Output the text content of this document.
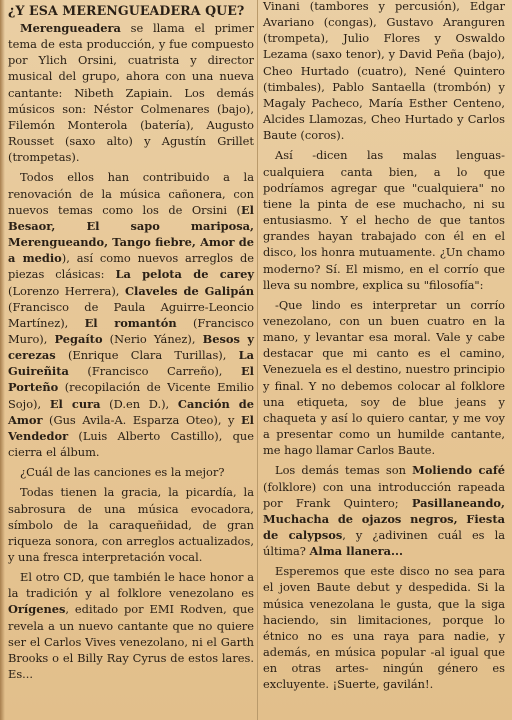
¿Y ESA MERENGUEADERA QUE?

Merengueadera se llama el primer tema de esta producción, y fue compuesto por Ylich Orsini, cuatrista y director musical del grupo, ahora con una nueva cantante: Nibeth Zapiain. Los demás músicos son: Néstor Colmenares (bajo), Filemón Monterola (batería), Augusto Rousset (saxo alto) y Agustín Grillet (trompetas).

Todos ellos han contribuido a la renovación de la música cañonera, con nuevos temas como los de Orsini (El Besaor, El sapo mariposa, Merengueando, Tango fiebre, Amor de a medio), así como nuevos arreglos de piezas clásicas: La pelota de carey (Lorenzo Herrera), Claveles de Galipán (Francisco de Paula Aguirre-Leoncio Martínez), El romantón (Francisco Muro), Pegaíto (Nerio Yánez), Besos y cerezas (Enrique Clara Turillas), La Guireñita (Francisco Carreño), El Porteño (recopilación de Vicente Emilio Sojo), El cura (D.en D.), Canción de Amor (Gus Avila-A. Esparza Oteo), y El Vendedor (Luis Alberto Castillo), que cierra el álbum.

¿Cuál de las canciones es la mejor?

Todas tienen la gracia, la picardía, la sabrosura de una música evocadora, símbolo de la caraqueñidad, de gran riqueza sonora, con arreglos actualizados, y una fresca interpretación vocal.

El otro CD, que también le hace honor a la tradición y al folklore venezolano es Orígenes, editado por EMI Rodven, que revela a un nuevo cantante que no quiere ser el Carlos Vives venezolano, ni el Garth Brooks o el Billy Ray Cyrus de estos lares. Es...

Vinani (tambores y percusión), Edgar Avariano (congas), Gustavo Aranguren (trompeta), Julio Flores y Oswaldo Lezama (saxo tenor), y David Peña (bajo), Cheo Hurtado (cuatro), Nené Quintero (timbales), Pablo Santaella (trombón) y Magaly Pacheco, María Esther Centeno, Alcides Llamozas, Cheo Hurtado y Carlos Baute (coros).

Así -dicen las malas lenguas- cualquiera canta bien, a lo que podríamos agregar que "cualquiera" no tiene la pinta de ese muchacho, ni su entusiasmo. Y el hecho de que tantos grandes hayan trabajado con él en el disco, los honra mutuamente. ¿Un chamo moderno? Sí. El mismo, en el corrío que lleva su nombre, explica su "filosofía":

-Que lindo es interpretar un corrío venezolano, con un buen cuatro en la mano, y levantar esa moral. Vale y cabe destacar que mi canto es el camino, Venezuela es el destino, nuestro principio y final. Y no debemos colocar al folklore una etiqueta, soy de blue jeans y chaqueta y así lo quiero cantar, y me voy a presentar como un humilde cantante, me hago llamar Carlos Baute.

Los demás temas son Moliendo café (folklore) con una introducción rapeada por Frank Quintero; Pasillaneando, Muchacha de ojazos negros, Fiesta de calypsos, y ¿adivinen cuál es la última? Alma llanera...

Esperemos que este disco no sea para el joven Baute debut y despedida. Si la música venezolana le gusta, que la siga haciendo, sin limitaciones, porque lo étnico no es una raya para nadie, y además, en música popular -al igual que en otras artes- ningún género es excluyente. ¡Suerte, gavilán!.
